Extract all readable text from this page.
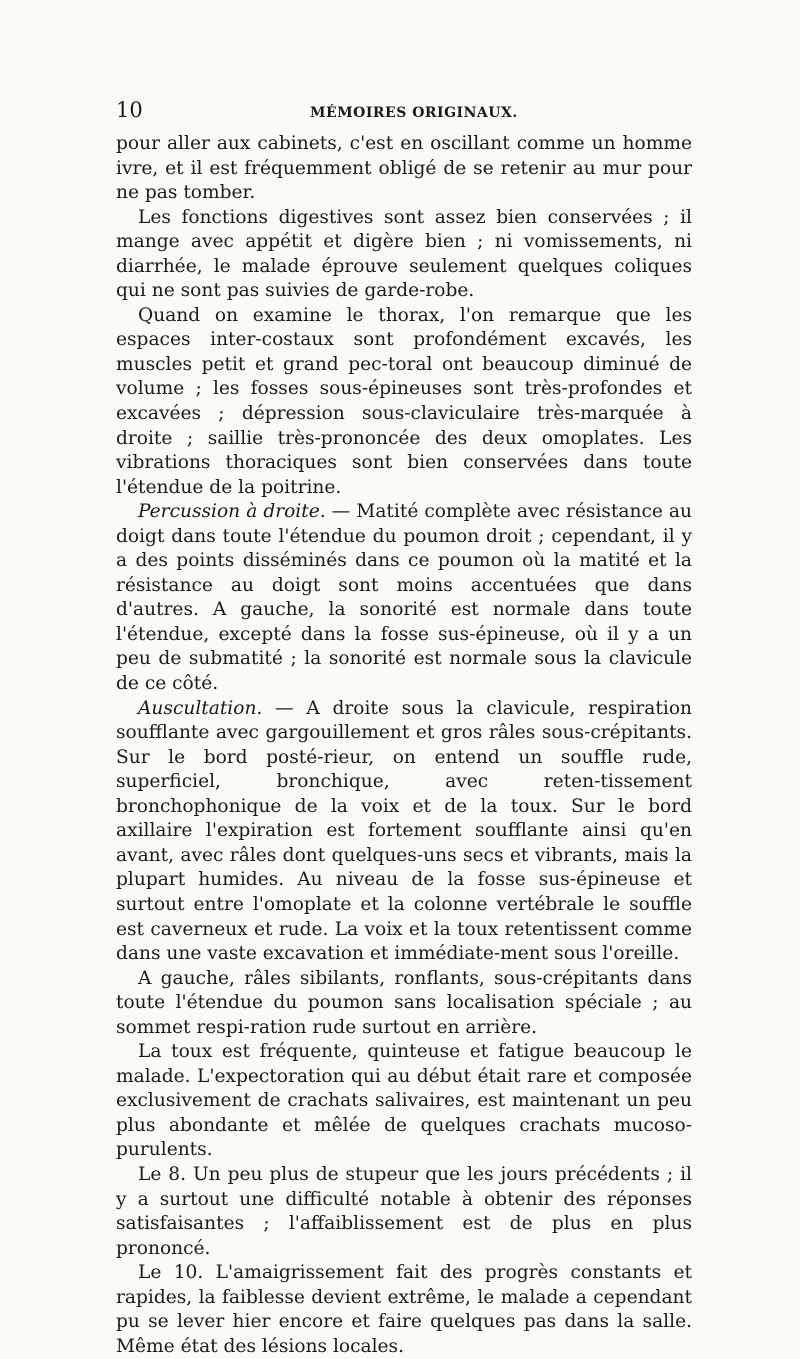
10	MÉMOIRES ORIGINAUX.

pour aller aux cabinets, c'est en oscillant comme un homme ivre, et il est fréquemment obligé de se retenir au mur pour ne pas tomber.

Les fonctions digestives sont assez bien conservées ; il mange avec appétit et digère bien ; ni vomissements, ni diarrhée, le malade éprouve seulement quelques coliques qui ne sont pas suivies de garde-robe.

Quand on examine le thorax, l'on remarque que les espaces inter-costaux sont profondément excavés, les muscles petit et grand pec-toral ont beaucoup diminué de volume ; les fosses sous-épineuses sont très-profondes et excavées ; dépression sous-claviculaire très-marquée à droite ; saillie très-prononcée des deux omoplates. Les vibrations thoraciques sont bien conservées dans toute l'étendue de la poitrine.

Percussion à droite. — Matité complète avec résistance au doigt dans toute l'étendue du poumon droit ; cependant, il y a des points disséminés dans ce poumon où la matité et la résistance au doigt sont moins accentuées que dans d'autres. A gauche, la sonorité est normale dans toute l'étendue, excepté dans la fosse sus-épineuse, où il y a un peu de submatité ; la sonorité est normale sous la clavicule de ce côté.

Auscultation. — A droite sous la clavicule, respiration soufflante avec gargouillement et gros râles sous-crépitants. Sur le bord posté-rieur, on entend un souffle rude, superficiel, bronchique, avec reten-tissement bronchophonique de la voix et de la toux. Sur le bord axillaire l'expiration est fortement soufflante ainsi qu'en avant, avec râles dont quelques-uns secs et vibrants, mais la plupart humides. Au niveau de la fosse sus-épineuse et surtout entre l'omoplate et la colonne vertébrale le souffle est caverneux et rude. La voix et la toux retentissent comme dans une vaste excavation et immédiate-ment sous l'oreille.

A gauche, râles sibilants, ronflants, sous-crépitants dans toute l'étendue du poumon sans localisation spéciale ; au sommet respi-ration rude surtout en arrière.

La toux est fréquente, quinteuse et fatigue beaucoup le malade. L'expectoration qui au début était rare et composée exclusivement de crachats salivaires, est maintenant un peu plus abondante et mêlée de quelques crachats mucoso-purulents.

Le 8. Un peu plus de stupeur que les jours précédents ; il y a surtout une difficulté notable à obtenir des réponses satisfaisantes ; l'affaiblissement est de plus en plus prononcé.

Le 10. L'amaigrissement fait des progrès constants et rapides, la faiblesse devient extrême, le malade a cependant pu se lever hier encore et faire quelques pas dans la salle. Même état des lésions locales.
